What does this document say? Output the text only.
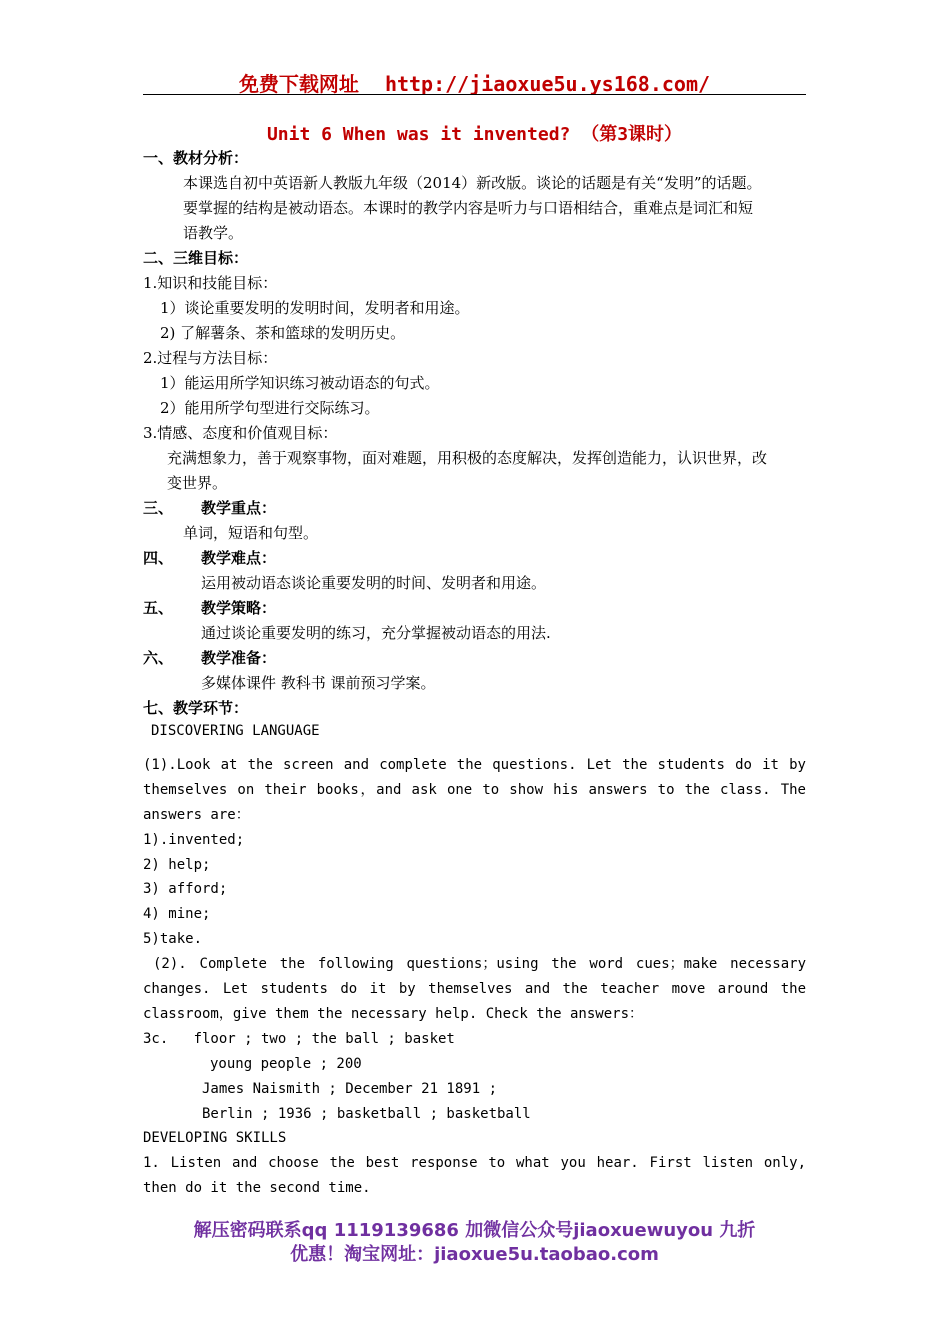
免费下载网址 http://jiaoxue5u.ys168.com/
Unit 6 When was it invented? （第3课时）
一、教材分析：
本课选自初中英语新人教版九年级（2014）新改版。谈论的话题是有关“发明”的话题。
要掌握的结构是被动语态。本课时的教学内容是听力与口语相结合，重难点是词汇和短
语教学。
二、三维目标：
1.知识和技能目标：
1）谈论重要发明的发明时间，发明者和用途。
2) 了解薯条、茶和篮球的发明历史。
2.过程与方法目标：
1）能运用所学知识练习被动语态的句式。
2）能用所学句型进行交际练习。
3.情感、态度和价值观目标：
充满想象力，善于观察事物，面对难题，用积极的态度解决，发挥创造能力，认识世界，改
变世界。
三、 教学重点：
单词，短语和句型。
四、 教学难点：
运用被动语态谈论重要发明的时间、发明者和用途。
五、 教学策略：
通过谈论重要发明的练习，充分掌握被动语态的用法.
六、 教学准备：
多媒体课件 教科书 课前预习学案。
七、教学环节：
DISCOVERING LANGUAGE
(1).Look at the screen and complete the questions. Let the students do it by
themselves on their books，and ask one to show his answers to the class. The
answers are：
1).invented;
2) help;
3) afford;
4) mine;
5)take.
(2). Complete the following questions；using the word cues；make necessary
changes. Let students do it by themselves and the teacher move around the
classroom，give them the necessary help. Check the answers：
3c.   floor ; two ; the ball ; basket
young people ; 200
James Naismith ; December 21 1891 ;
Berlin ; 1936 ; basketball ; basketball
DEVELOPING SKILLS
1. Listen and choose the best response to what you hear. First listen only,
then do it the second time.
解压密码联系qq 1119139686 加微信公众号jiaoxuewuyou 九折
优惠！淘宝网址：jiaoxue5u.taobao.com
